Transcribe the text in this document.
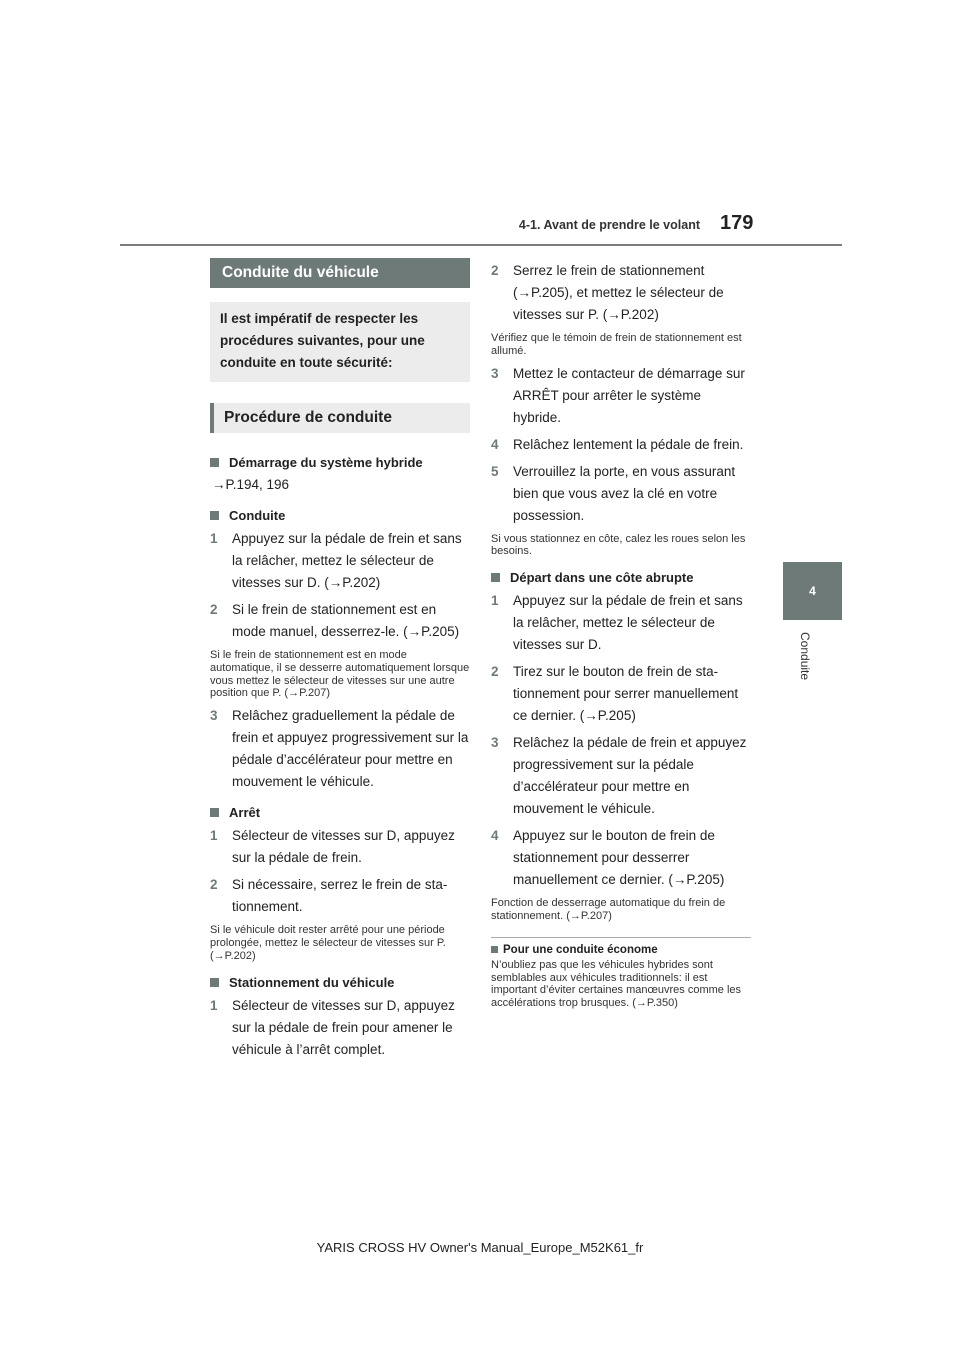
4-1. Avant de prendre le volant 179
4
Conduite
Conduite du véhicule
Il est impératif de respecter les procédures suivantes, pour une conduite en toute sécurité:
Procédure de conduite
Démarrage du système hybride
→P.194, 196
Conduite
1	Appuyez sur la pédale de frein et sans la relâcher, mettez le sélecteur de vitesses sur D. (→P.202)
2	Si le frein de stationnement est en mode manuel, desserrez-le. (→P.205)
Si le frein de stationnement est en mode automatique, il se desserre automatiquement lorsque vous mettez le sélecteur de vitesses sur une autre position que P. (→P.207)
3	Relâchez graduellement la pédale de frein et appuyez progressivement sur la pédale d’accélérateur pour mettre en mouvement le véhicule.
Arrêt
1	Sélecteur de vitesses sur D, appuyez sur la pédale de frein.
2	Si nécessaire, serrez le frein de stationnement.
Si le véhicule doit rester arrêté pour une période prolongée, mettez le sélecteur de vitesses sur P. (→P.202)
Stationnement du véhicule
1	Sélecteur de vitesses sur D, appuyez sur la pédale de frein pour amener le véhicule à l’arrêt complet.
2	Serrez le frein de stationnement (→P.205), et mettez le sélecteur de vitesses sur P. (→P.202)
Vérifiez que le témoin de frein de stationnement est allumé.
3	Mettez le contacteur de démarrage sur ARRÊT pour arrêter le système hybride.
4	Relâchez lentement la pédale de frein.
5	Verrouillez la porte, en vous assurant bien que vous avez la clé en votre possession.
Si vous stationnez en côte, calez les roues selon les besoins.
Départ dans une côte abrupte
1	Appuyez sur la pédale de frein et sans la relâcher, mettez le sélecteur de vitesses sur D.
2	Tirez sur le bouton de frein de stationnement pour serrer manuellement ce dernier. (→P.205)
3	Relâchez la pédale de frein et appuyez progressivement sur la pédale d’accélérateur pour mettre en mouvement le véhicule.
4	Appuyez sur le bouton de frein de stationnement pour desserrer manuellement ce dernier. (→P.205)
Fonction de desserrage automatique du frein de stationnement. (→P.207)
Pour une conduite économe
N’oubliez pas que les véhicules hybrides sont semblables aux véhicules traditionnels: il est important d’éviter certaines manœuvres comme les accélérations trop brusques. (→P.350)
YARIS CROSS HV Owner's Manual_Europe_M52K61_fr
